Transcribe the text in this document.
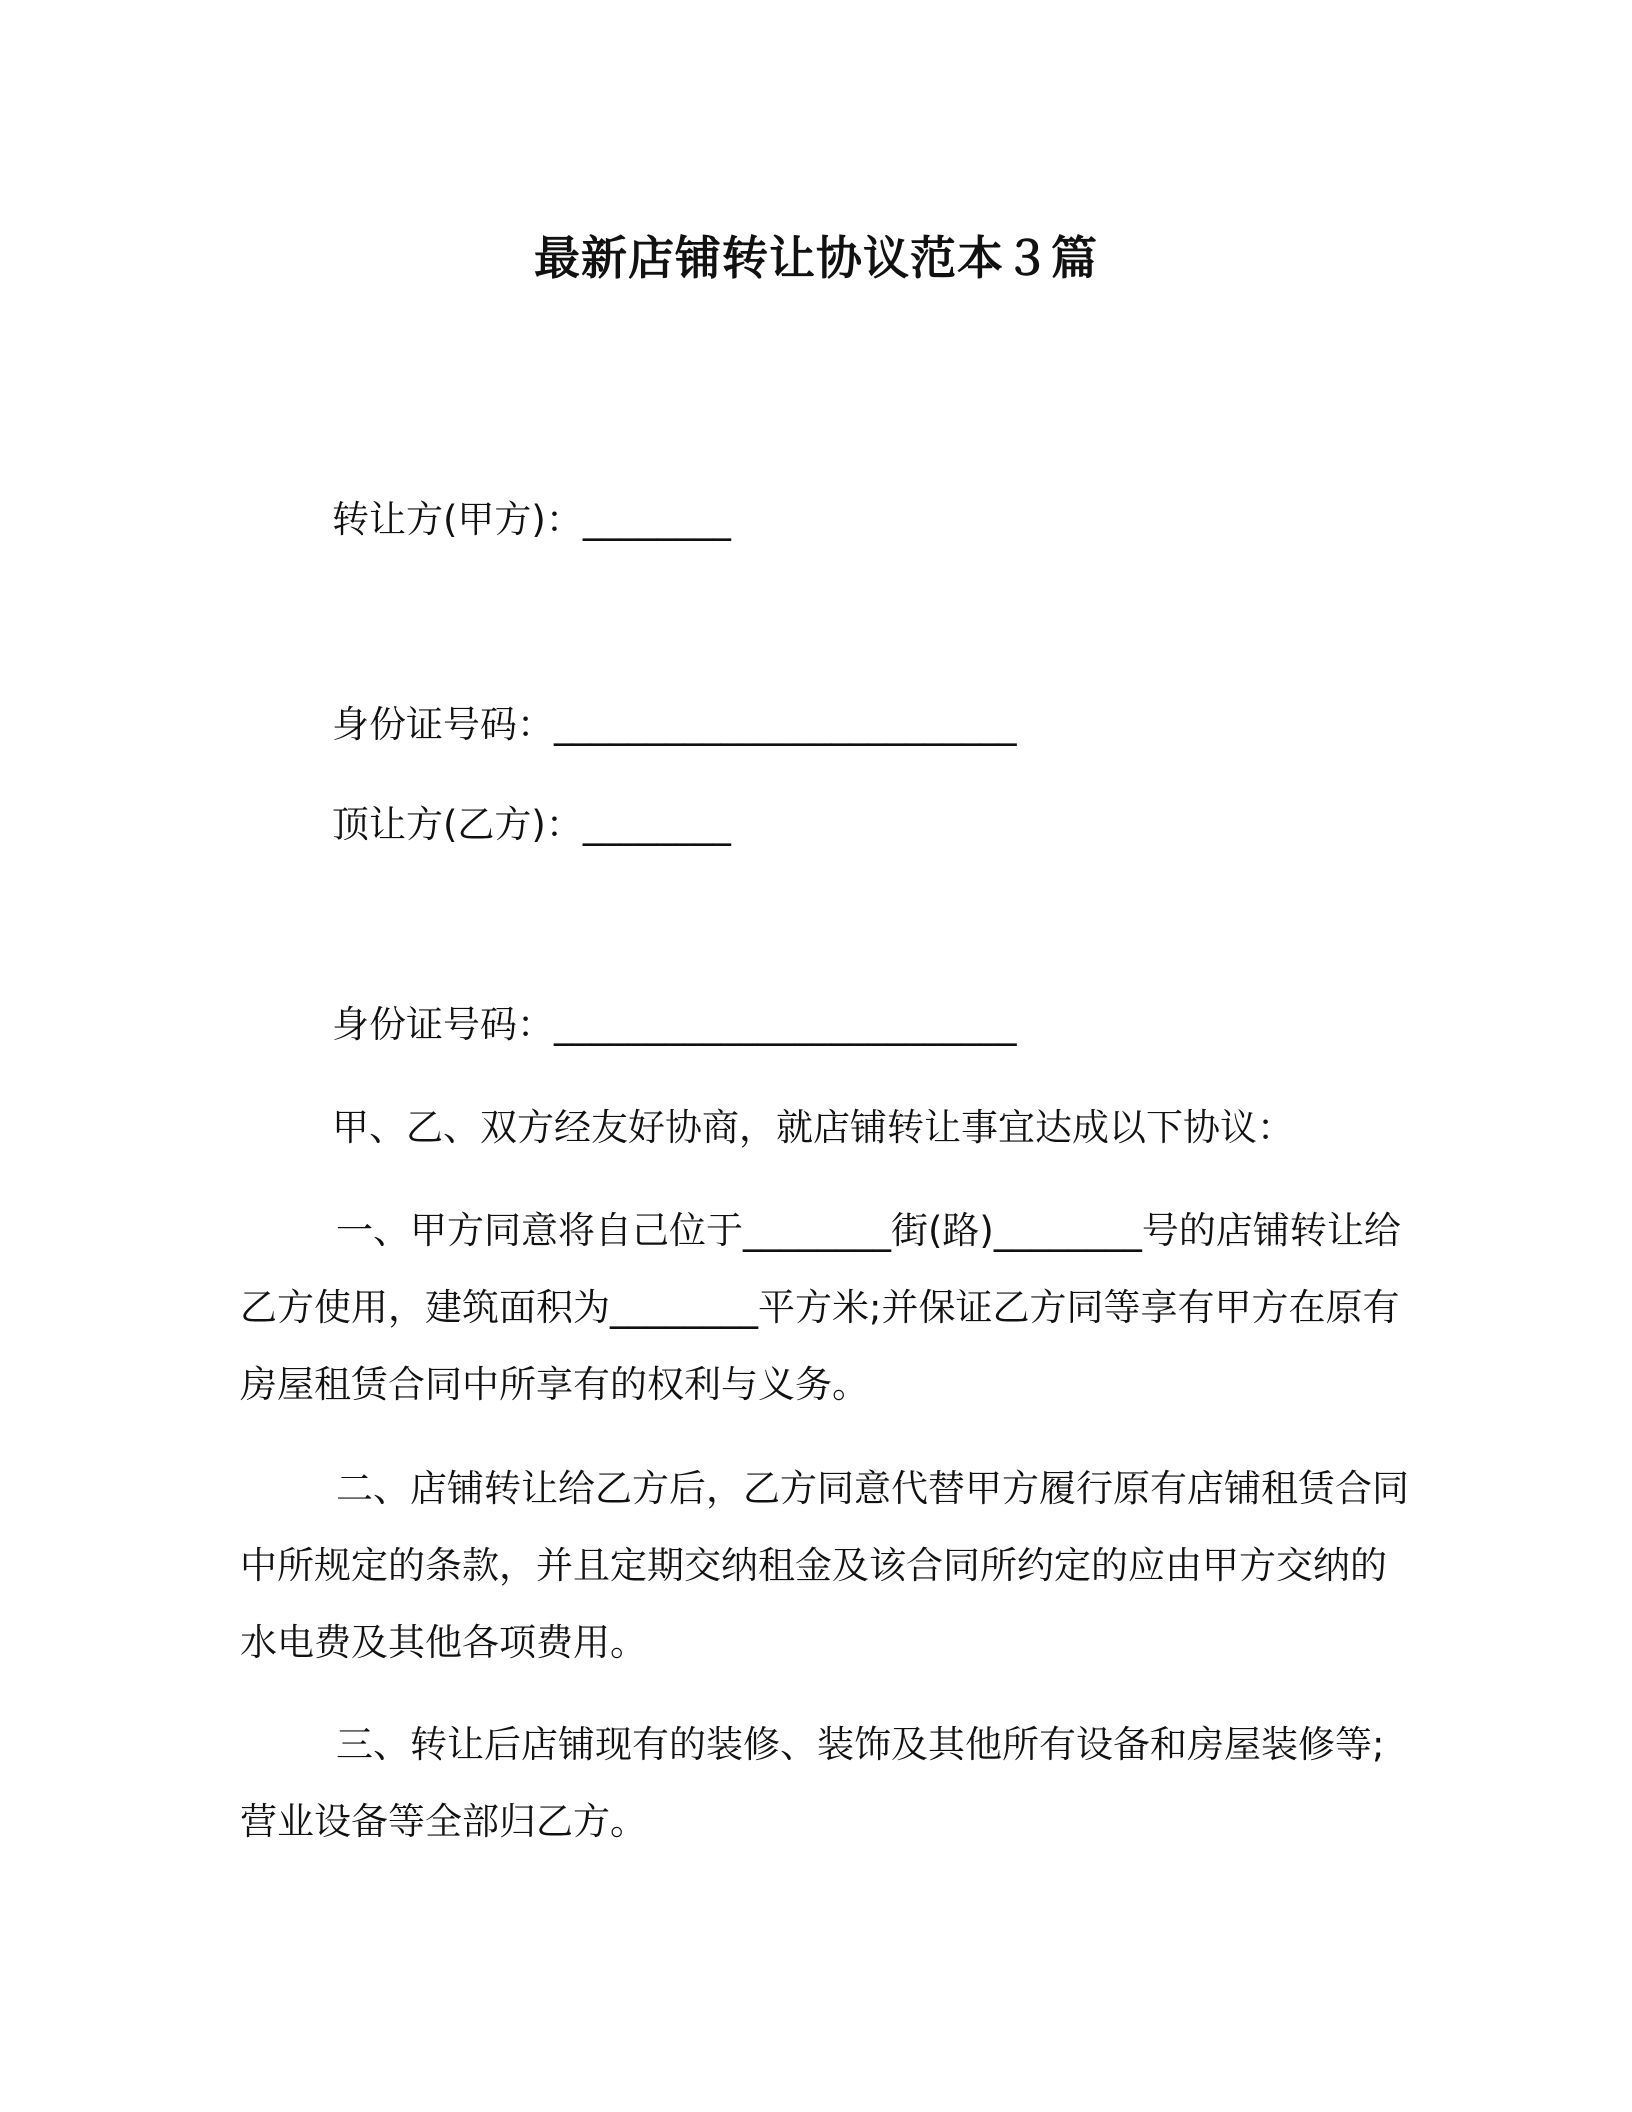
最新店铺转让协议范本３篇
转让方(甲方)：________
身份证号码：_________________________
顶让方(乙方)：________
身份证号码：_________________________
甲、乙、双方经友好协商，就店铺转让事宜达成以下协议：
一、甲方同意将自己位于________街(路)________号的店铺转让给乙方使用，建筑面积为________平方米;并保证乙方同等享有甲方在原有房屋租赁合同中所享有的权利与义务。
二、店铺转让给乙方后，乙方同意代替甲方履行原有店铺租赁合同中所规定的条款，并且定期交纳租金及该合同所约定的应由甲方交纳的水电费及其他各项费用。
三、转让后店铺现有的装修、装饰及其他所有设备和房屋装修等;营业设备等全部归乙方。
